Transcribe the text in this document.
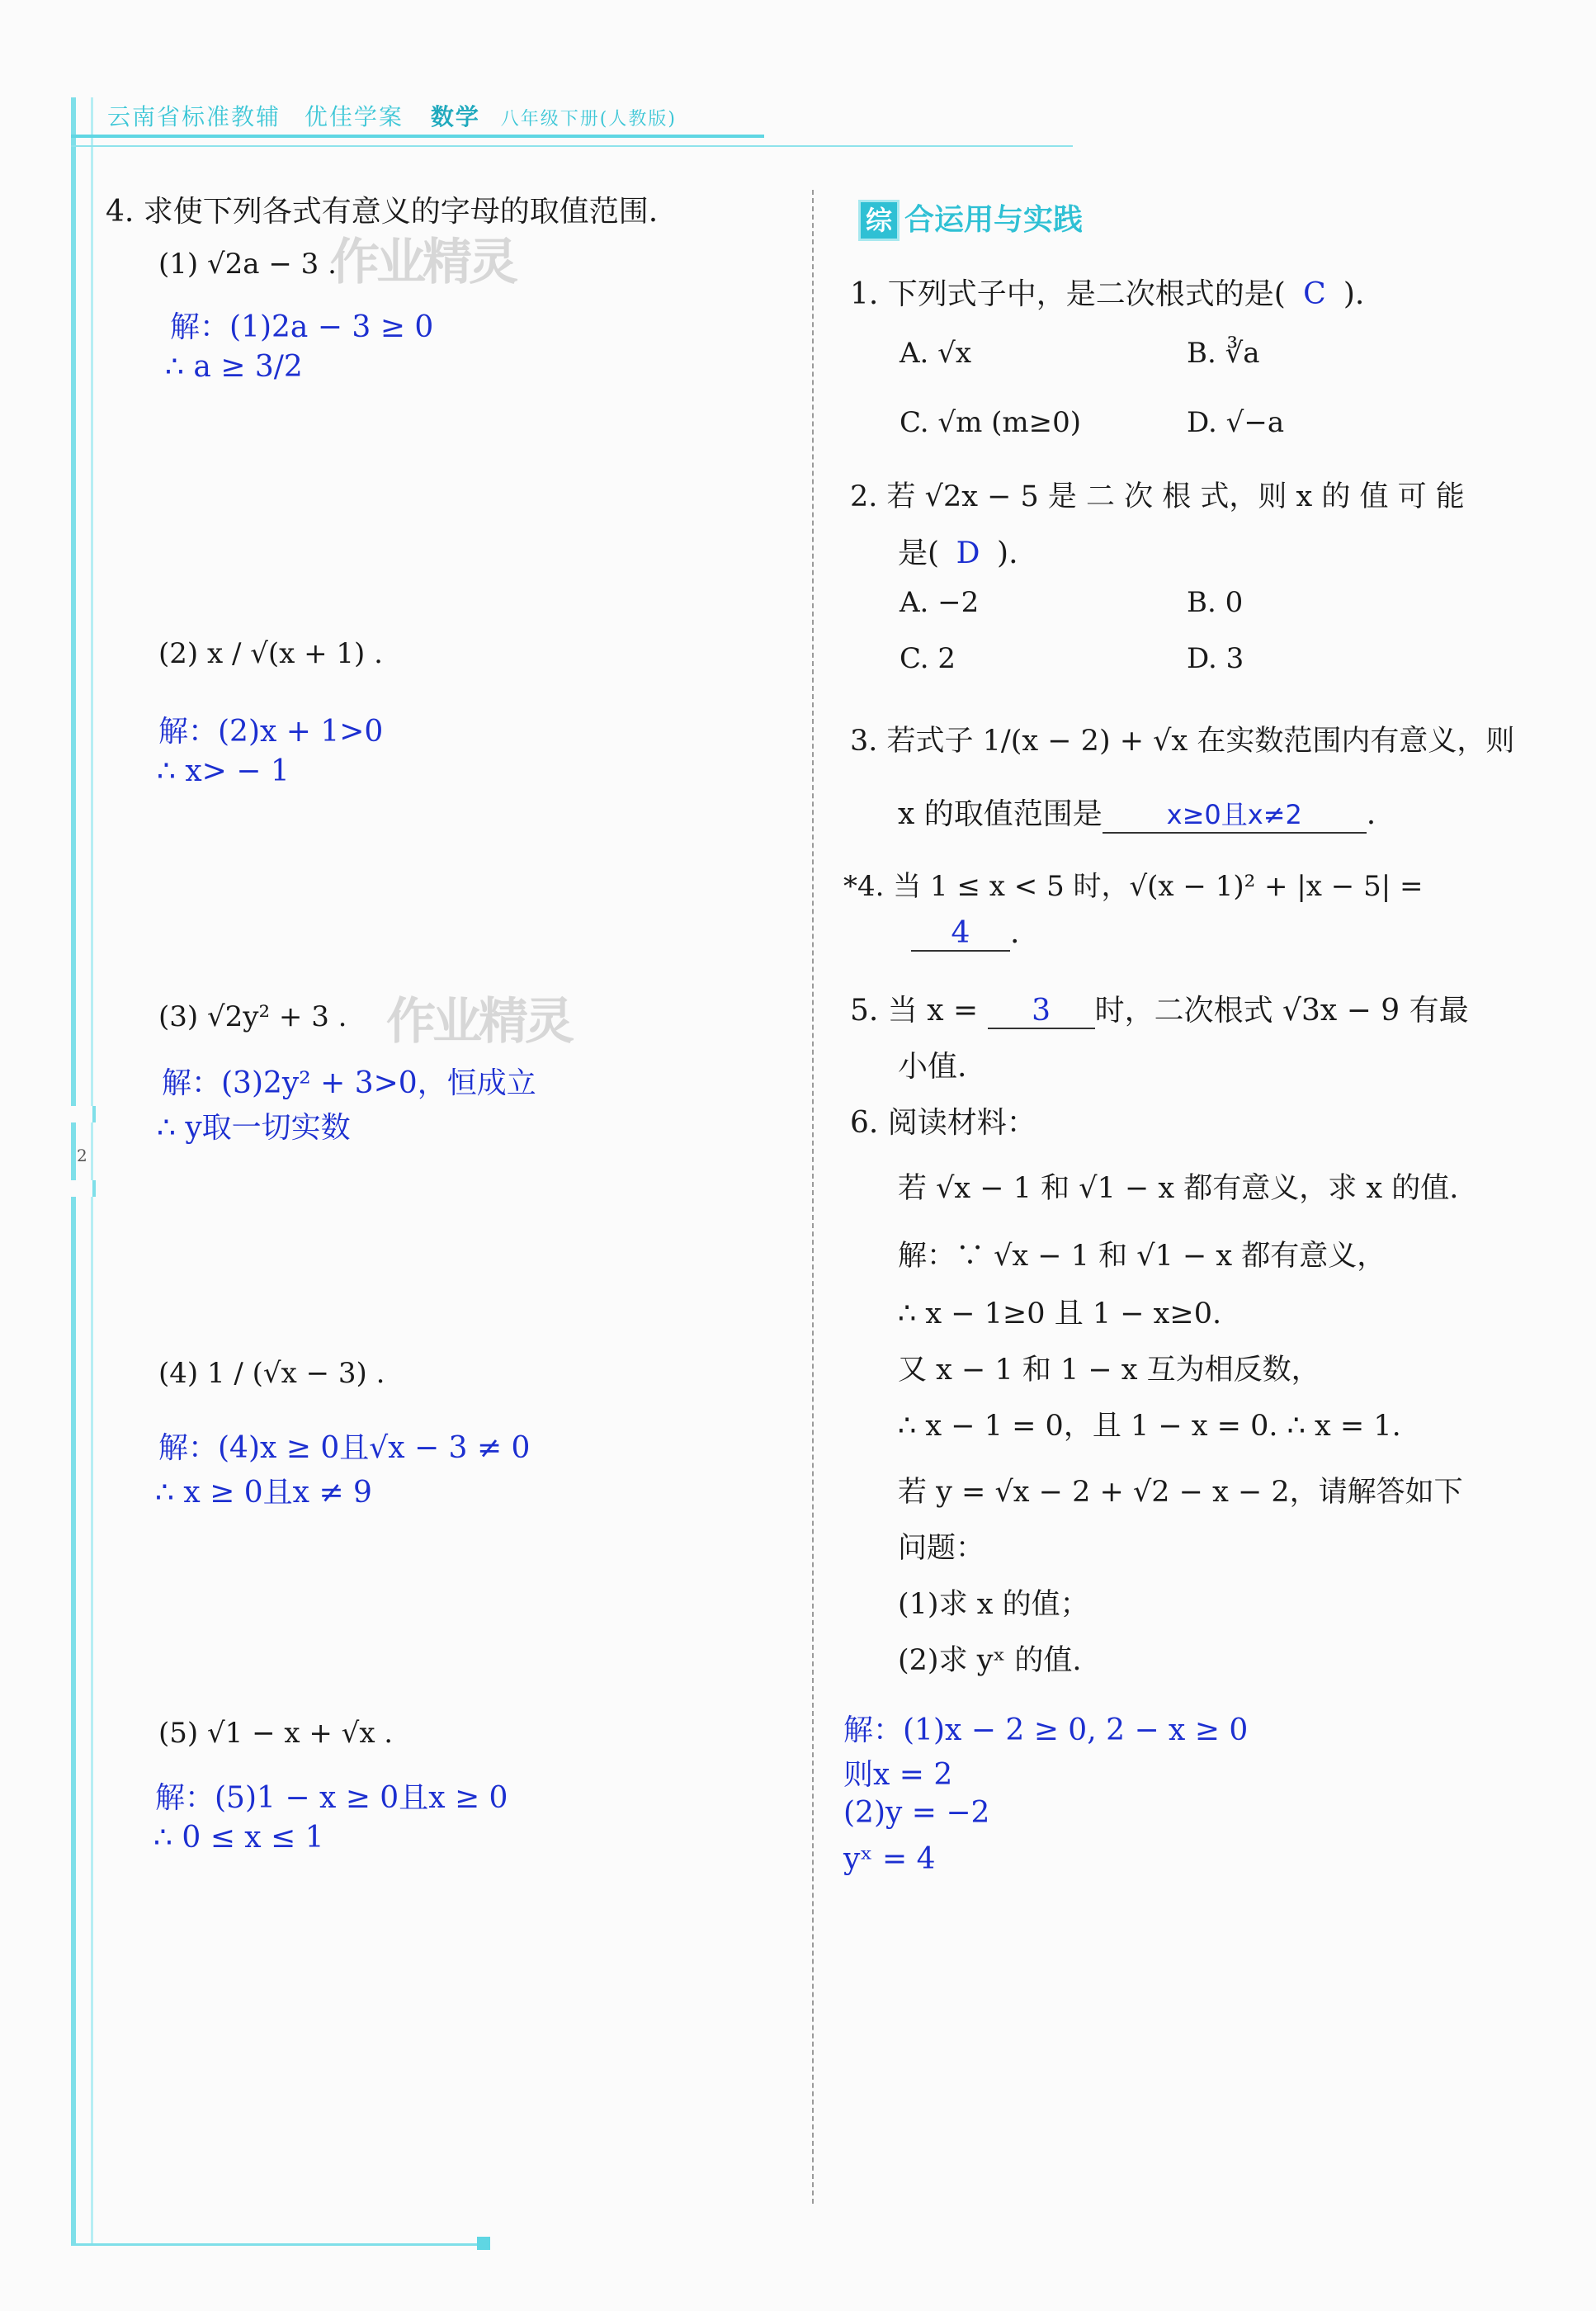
2
云南省标准教辅 优佳学案 数学 八年级下册(人教版)
作业精灵
作业精灵
4. 求使下列各式有意义的字母的取值范围.
(1) √2a − 3 .
解：(1)2a − 3 ≥ 0
∴ a ≥ 3/2
(2) x / √(x + 1) .
解：(2)x + 1>0
∴ x> − 1
(3) √2y² + 3 .
解：(3)2y² + 3>0，恒成立
∴ y取一切实数
(4) 1 / (√x − 3) .
解：(4)x ≥ 0且√x − 3 ≠ 0
∴ x ≥ 0且x ≠ 9
(5) √1 − x + √x .
解：(5)1 − x ≥ 0且x ≥ 0
∴ 0 ≤ x ≤ 1
综 合运用与实践
1. 下列式子中，是二次根式的是( C ).
A. √x	B. ∛a
C. √m (m≥0)	D. √−a
2. 若 √2x − 5 是 二 次 根 式，则 x 的 值 可 能
是( D ).
A. −2	B. 0
C. 2	D. 3
3. 若式子 1/(x − 2) + √x 在实数范围内有意义，则
x 的取值范围是 x≥0且x≠2 .
*4. 当 1 ≤ x < 5 时，√(x − 1)² + |x − 5| =
4 .
5. 当 x = 3 时，二次根式 √3x − 9 有最
小值.
6. 阅读材料：
若 √x − 1 和 √1 − x 都有意义，求 x 的值.
解：∵ √x − 1 和 √1 − x 都有意义，
∴ x − 1≥0 且 1 − x≥0.
又 x − 1 和 1 − x 互为相反数，
∴ x − 1 = 0，且 1 − x = 0. ∴ x = 1.
若 y = √x − 2 + √2 − x − 2，请解答如下
问题：
(1)求 x 的值；
(2)求 yˣ 的值.
解：(1)x − 2 ≥ 0, 2 − x ≥ 0
则x = 2
(2)y = −2
yˣ = 4
